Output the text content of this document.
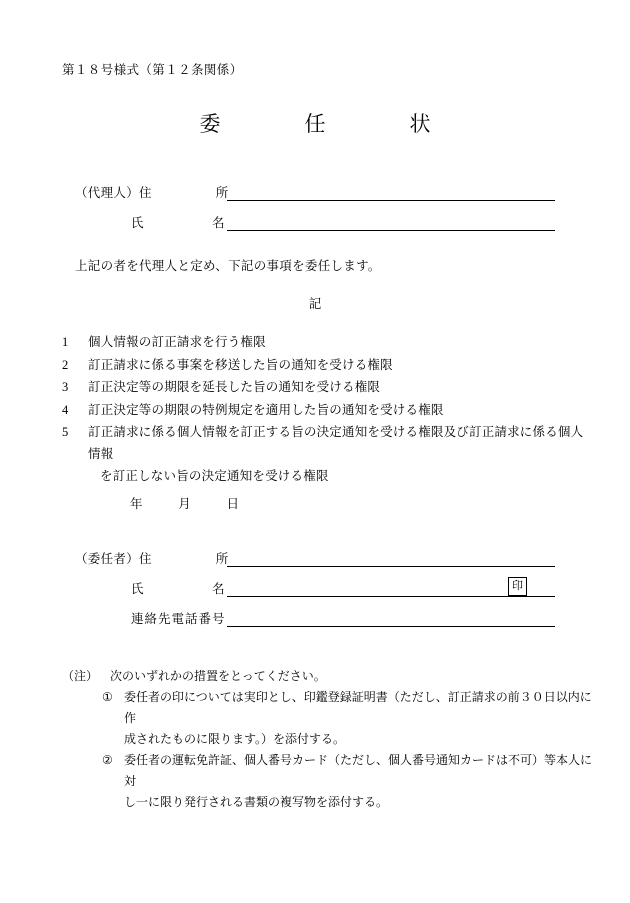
第１８号様式（第１２条関係）
委　　任　　状
（代理人）住　　　　　所
氏　　　　　名
上記の者を代理人と定め、下記の事項を委任します。
記
1	個人情報の訂正請求を行う権限
2	訂正請求に係る事案を移送した旨の通知を受ける権限
3	訂正決定等の期限を延長した旨の通知を受ける権限
4	訂正決定等の期限の特例規定を適用した旨の通知を受ける権限
5	訂正請求に係る個人情報を訂正する旨の決定通知を受ける権限及び訂正請求に係る個人情報
を訂正しない旨の決定通知を受ける権限
年	月	日
（委任者）住　　　　　所
氏　　　　　名	印
連絡先電話番号
（注） 次のいずれかの措置をとってください。
① 委任者の印については実印とし、印鑑登録証明書（ただし、訂正請求の前３０日以内に作
成されたものに限ります。）を添付する。
② 委任者の運転免許証、個人番号カード（ただし、個人番号通知カードは不可）等本人に対
し一に限り発行される書類の複写物を添付する。
